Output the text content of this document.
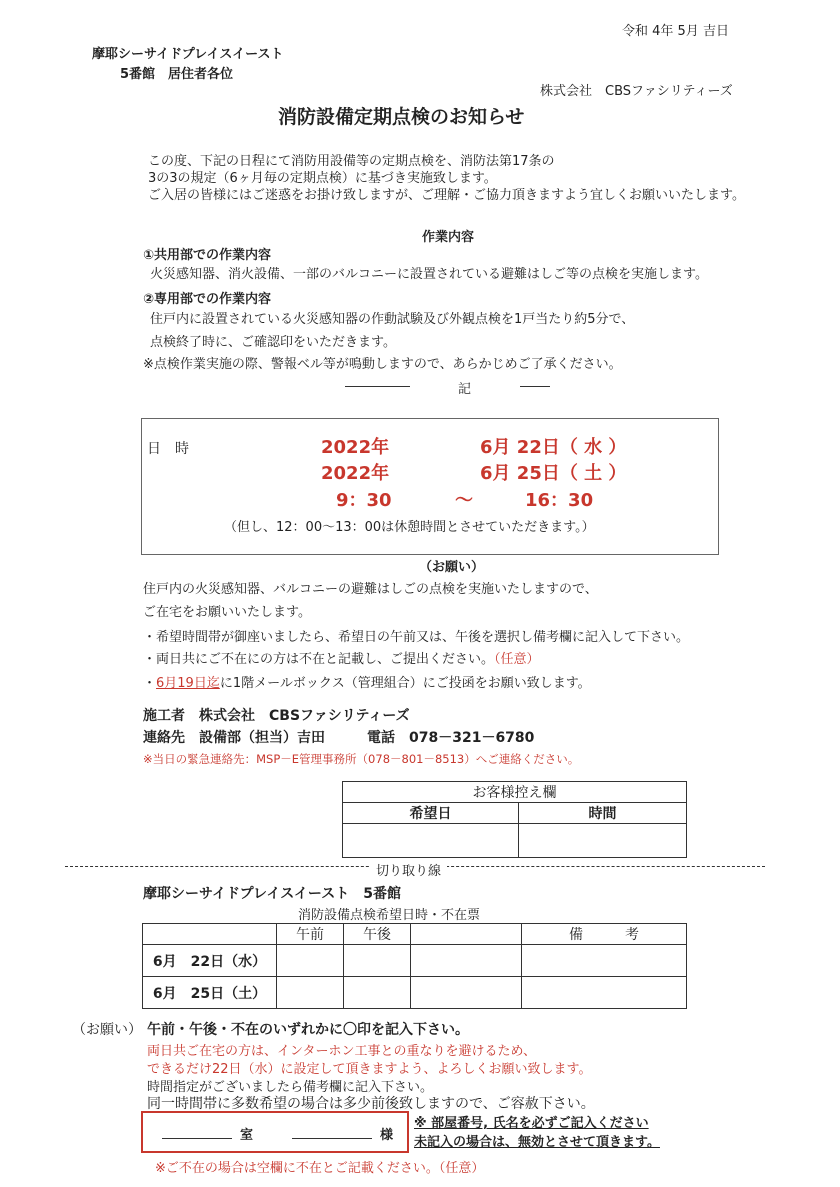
令和 4年 5月 吉日
摩耶シーサイドプレイスイースト
5番館　居住者各位
株式会社　CBSファシリティーズ
消防設備定期点検のお知らせ
この度、下記の日程にて消防用設備等の定期点検を、消防法第17条の
3の3の規定（6ヶ月毎の定期点検）に基づき実施致します。
ご入居の皆様にはご迷惑をお掛け致しますが、ご理解・ご協力頂きますよう宜しくお願いいたします。
作業内容
①共用部での作業内容
火災感知器、消火設備、一部のバルコニーに設置されている避難はしご等の点検を実施します。
②専用部での作業内容
住戸内に設置されている火災感知器の作動試験及び外観点検を1戸当たり約5分で、
点検終了時に、ご確認印をいただきます。
※点検作業実施の際、警報ベル等が鳴動しますので、あらかじめご了承ください。
記
日　時	2022年	6月 22日（ 水 ）
2022年	6月 25日（ 土 ）
9：30	～	16：30
（但し、12：00～13：00は休憩時間とさせていただきます。）
（お願い）
住戸内の火災感知器、バルコニーの避難はしごの点検を実施いたしますので、
ご在宅をお願いいたします。
・希望時間帯が御座いましたら、希望日の午前又は、午後を選択し備考欄に記入して下さい。
・両日共にご不在にの方は不在と記載し、ご提出ください。（任意）
・6月19日迄に1階メールボックス（管理組合）にご投函をお願い致します。
施工者　株式会社　CBSファシリティーズ
連絡先　設備部（担当）吉田　　　電話　078－321－6780
※当日の緊急連絡先：MSP－E管理事務所（078－801－8513）へご連絡ください。
お客様控え欄	
希望日	時間

切り取り線
摩耶シーサイドプレイスイースト　5番館
消防設備点検希望日時・不在票
	午前	午後		備　　　考
6月　22日（水）				
6月　25日（土）				
（お願い） 午前・午後・不在のいずれかに〇印を記入下さい。
両日共ご在宅の方は、インターホン工事との重なりを避けるため、
できるだけ22日（水）に設定して頂きますよう、よろしくお願い致します。
時間指定がございましたら備考欄に記入下さい。
同一時間帯に多数希望の場合は多少前後致しますので、ご容赦下さい。
室	様
※ 部屋番号, 氏名を必ずご記入ください
未記入の場合は、無効とさせて頂きます。
※ご不在の場合は空欄に不在とご記載ください。（任意）
